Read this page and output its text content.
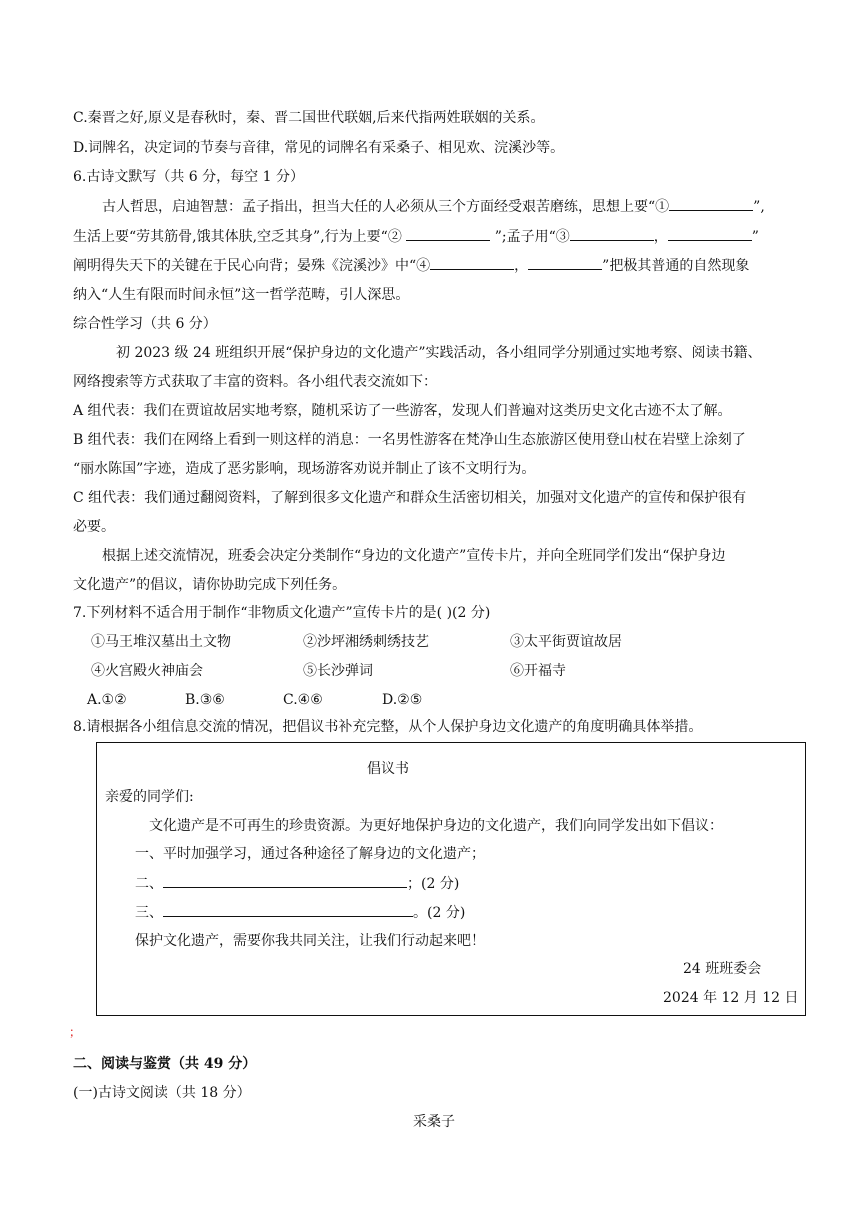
C.秦晋之好,原义是春秋时，秦、晋二国世代联姻,后来代指两姓联姻的关系。
D.词牌名，决定词的节奏与音律，常见的词牌名有采桑子、相见欢、浣溪沙等。
6.古诗文默写（共 6 分，每空 1 分）
古人哲思，启迪智慧：孟子指出，担当大任的人必须从三个方面经受艰苦磨练，思想上要“①	”,
生活上要“劳其筋骨,饿其体肤,空乏其身”,行为上要“②	”;孟子用“③	，	”
阐明得失天下的关键在于民心向背；晏殊《浣溪沙》中“④	，	”把极其普通的自然现象
纳入“人生有限而时间永恒”这一哲学范畴，引人深思。
综合性学习（共 6 分）
初 2023 级 24 班组织开展“保护身边的文化遗产”实践活动，各小组同学分别通过实地考察、阅读书籍、
网络搜索等方式获取了丰富的资料。各小组代表交流如下：
A 组代表：我们在贾谊故居实地考察，随机采访了一些游客，发现人们普遍对这类历史文化古迹不太了解。
B 组代表：我们在网络上看到一则这样的消息：一名男性游客在梵净山生态旅游区使用登山杖在岩壁上涂刻了
“丽水陈国”字迹，造成了恶劣影响，现场游客劝说并制止了该不文明行为。
C 组代表：我们通过翻阅资料，了解到很多文化遗产和群众生活密切相关，加强对文化遗产的宣传和保护很有
必要。
根据上述交流情况，班委会决定分类制作“身边的文化遗产”宣传卡片，并向全班同学们发出“保护身边
文化遗产”的倡议，请你协助完成下列任务。
7.下列材料不适合用于制作“非物质文化遗产”宣传卡片的是( )(2 分)
①马王堆汉墓出土文物	②沙坪湘绣刺绣技艺	③太平街贾谊故居
④火宫殿火神庙会	⑤长沙弹词	⑥开福寺
A.①②	B.③⑥	C.④⑥	D.②⑤
8.请根据各小组信息交流的情况，把倡议书补充完整，从个人保护身边文化遗产的角度明确具体举措。
倡议书
亲爱的同学们:
文化遗产是不可再生的珍贵资源。为更好地保护身边的文化遗产，我们向同学发出如下倡议：
一、平时加强学习，通过各种途径了解身边的文化遗产；
二、	；(2 分)
三、	。(2 分)
保护文化遗产，需要你我共同关注，让我们行动起来吧！
24 班班委会
2024 年 12 月 12 日
；
二、阅读与鉴赏（共 49 分）
(一)古诗文阅读（共 18 分）
采桑子
